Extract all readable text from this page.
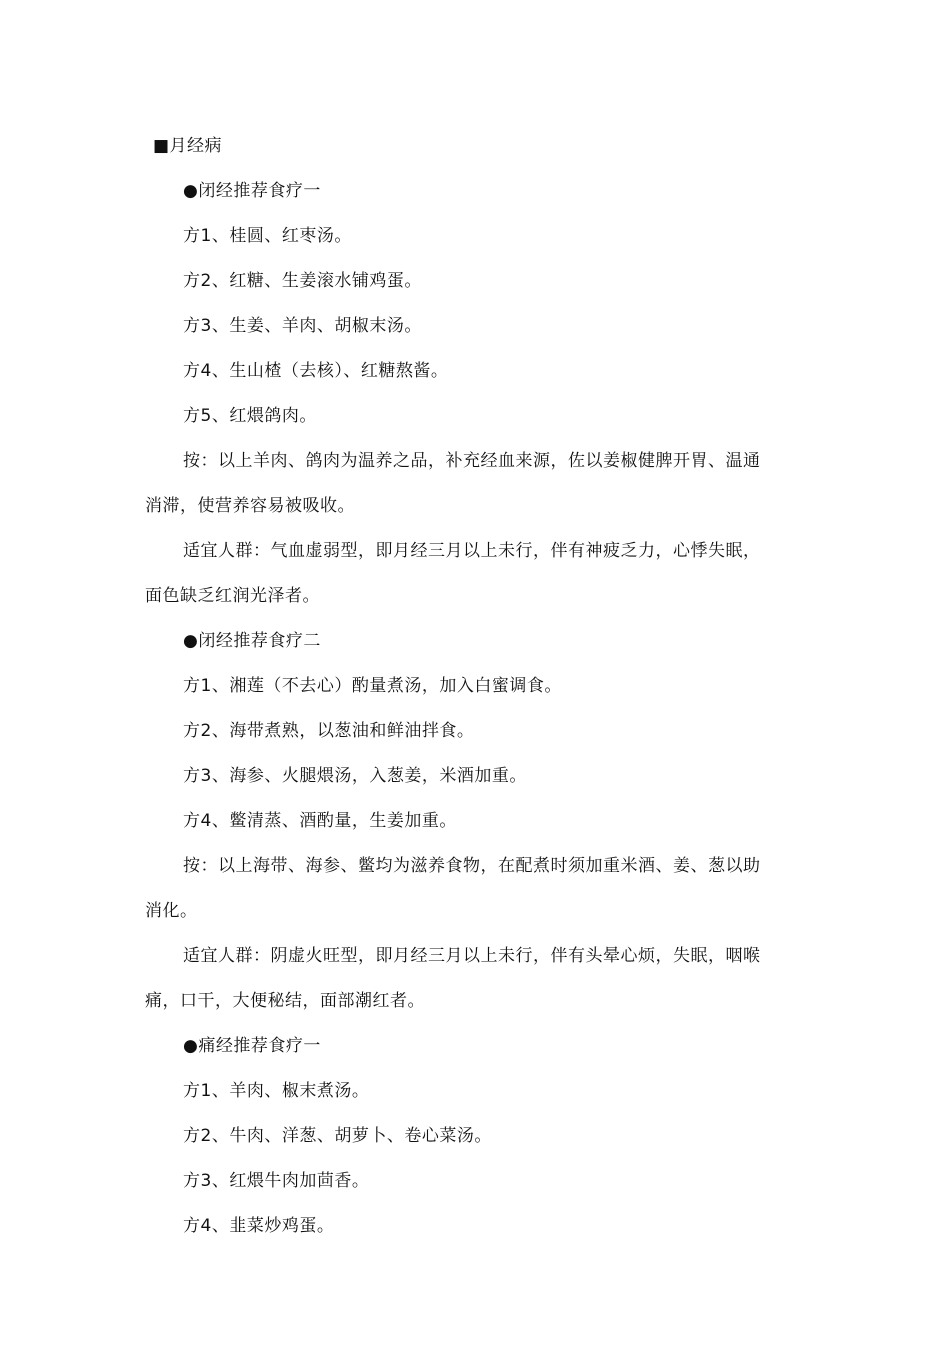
■月经病
●闭经推荐食疗一
方1、桂圆、红枣汤。
方2、红糖、生姜滚水铺鸡蛋。
方3、生姜、羊肉、胡椒末汤。
方4、生山楂（去核）、红糖熬酱。
方5、红煨鸽肉。
按：以上羊肉、鸽肉为温养之品，补充经血来源，佐以姜椒健脾开胃、温通
消滞，使营养容易被吸收。
适宜人群：气血虚弱型，即月经三月以上未行，伴有神疲乏力，心悸失眠，
面色缺乏红润光泽者。
●闭经推荐食疗二
方1、湘莲（不去心）酌量煮汤，加入白蜜调食。
方2、海带煮熟，以葱油和鲜油拌食。
方3、海参、火腿煨汤，入葱姜，米酒加重。
方4、鳖清蒸、酒酌量，生姜加重。
按：以上海带、海参、鳖均为滋养食物，在配煮时须加重米酒、姜、葱以助
消化。
适宜人群：阴虚火旺型，即月经三月以上未行，伴有头晕心烦，失眠，咽喉
痛，口干，大便秘结，面部潮红者。
●痛经推荐食疗一
方1、羊肉、椒末煮汤。
方2、牛肉、洋葱、胡萝卜、卷心菜汤。
方3、红煨牛肉加茴香。
方4、韭菜炒鸡蛋。
